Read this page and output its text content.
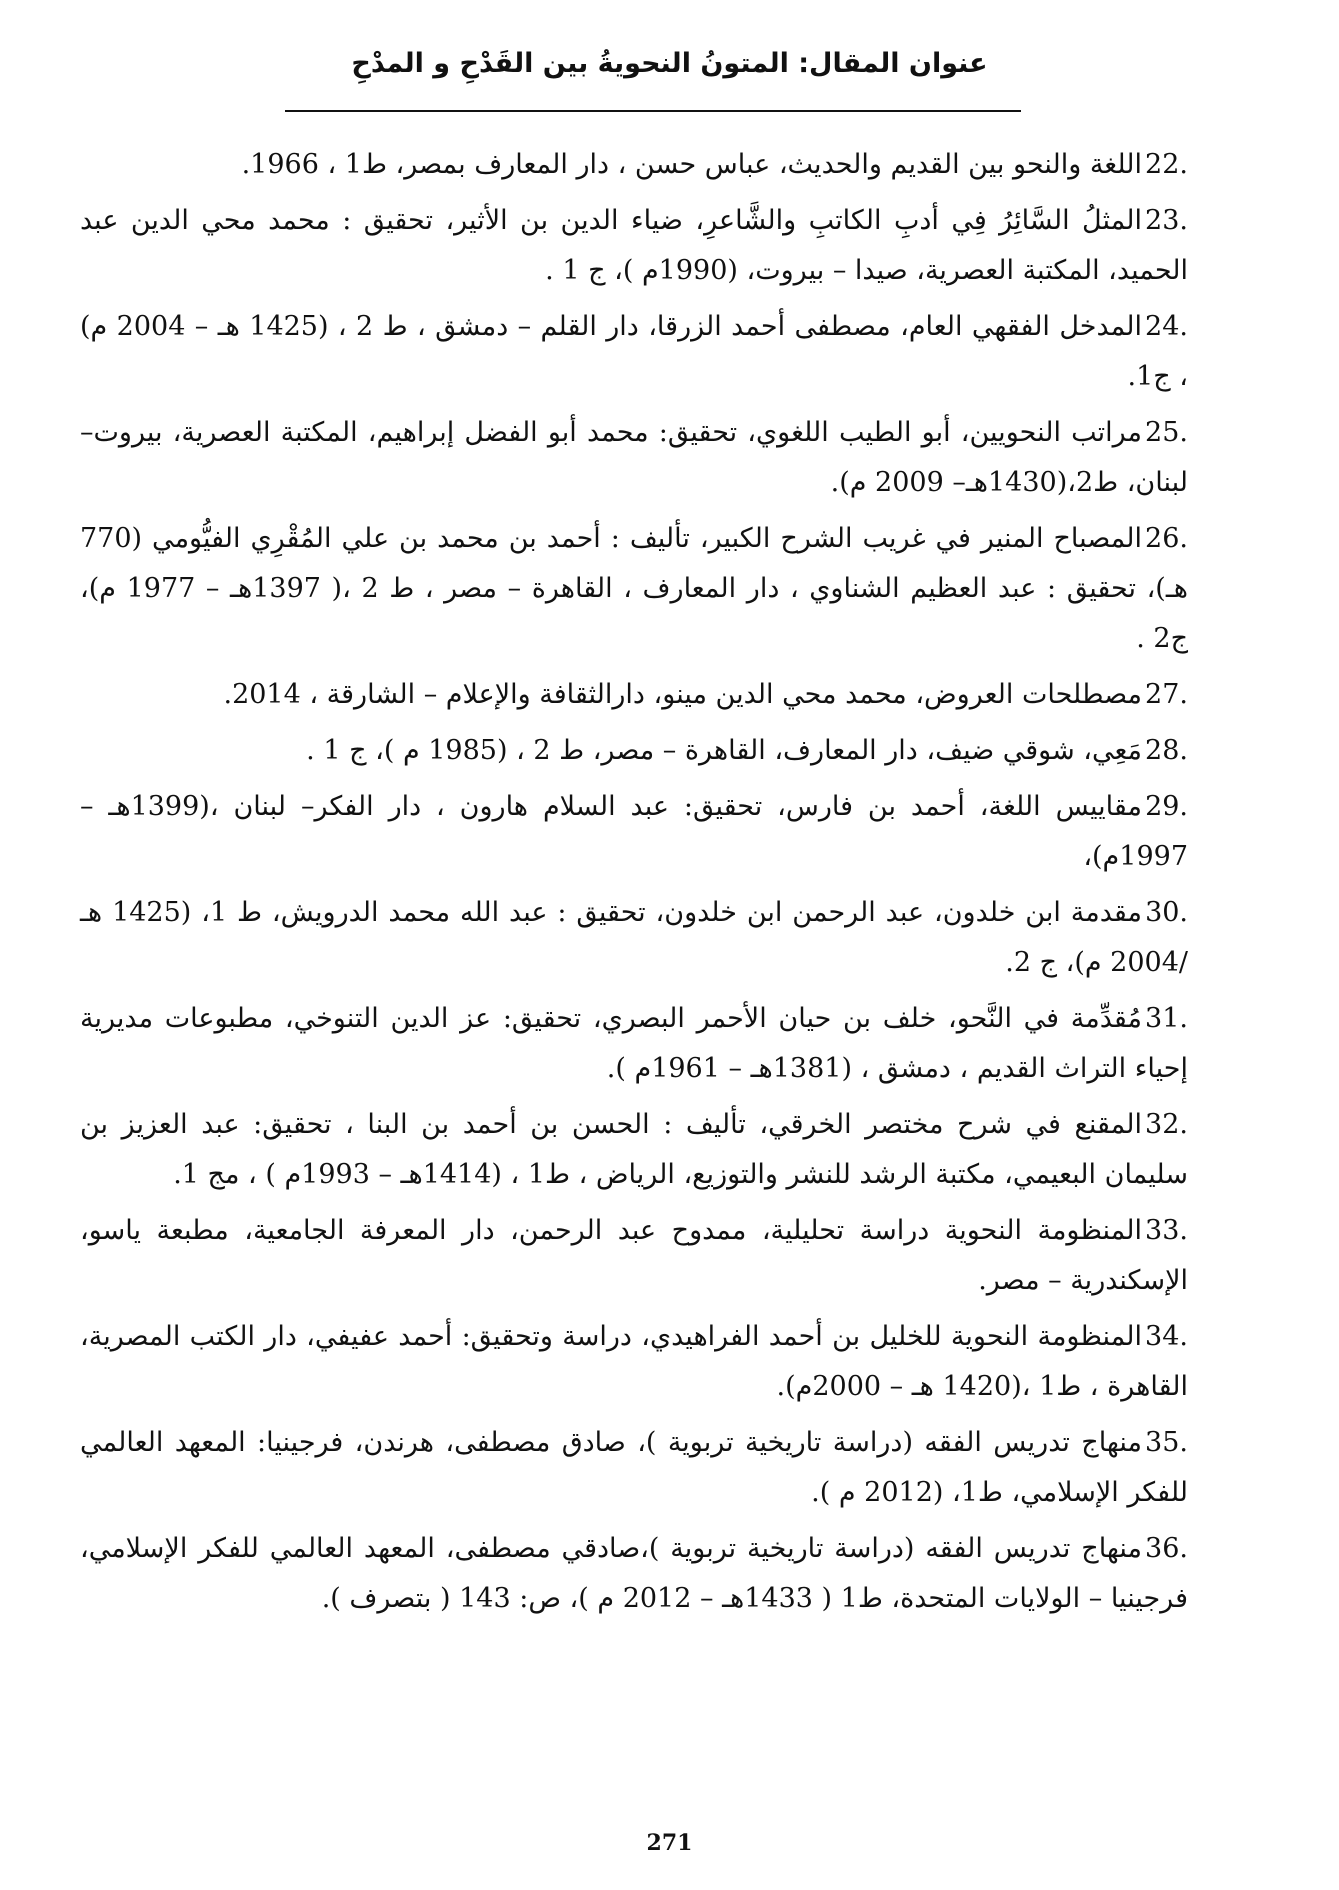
عنوان المقال: المتونُ النحويةُ بين القَدْحِ و المدْحِ
22.اللغة والنحو بين القديم والحديث، عباس حسن ، دار المعارف بمصر، ط1 ، 1966.
23.المثلُ السَّائِرُ فِي أدبِ الكاتبِ والشَّاعرِ، ضياء الدين بن الأثير، تحقيق : محمد محي الدين عبد الحميد، المكتبة العصرية، صيدا – بيروت، (1990م )، ج 1 .
24.المدخل الفقهي العام، مصطفى أحمد الزرقا، دار القلم – دمشق ، ط 2 ، (1425 هـ – 2004 م) ، ج1.
25.مراتب النحويين، أبو الطيب اللغوي، تحقيق: محمد أبو الفضل إبراهيم، المكتبة العصرية، بيروت– لبنان، ط2،(1430هـ– 2009 م).
26.المصباح المنير في غريب الشرح الكبير، تأليف : أحمد بن محمد بن علي المُقْرِي الفيُّومي (770 هـ)، تحقيق : عبد العظيم الشناوي ، دار المعارف ، القاهرة – مصر ، ط 2 ،( 1397هـ – 1977 م)، ج2 .
27.مصطلحات العروض، محمد محي الدين مينو، دارالثقافة والإعلام – الشارقة ، 2014.
28.مَعِي، شوقي ضيف، دار المعارف، القاهرة – مصر، ط 2 ، (1985 م )، ج 1 .
29.مقاييس اللغة، أحمد بن فارس، تحقيق: عبد السلام هارون ، دار الفكر– لبنان ،(1399هـ – 1997م)،
30.مقدمة ابن خلدون، عبد الرحمن ابن خلدون، تحقيق : عبد الله محمد الدرويش، ط 1، (1425 هـ /2004 م)، ج 2.
31.مُقدِّمة في النَّحو، خلف بن حيان الأحمر البصري، تحقيق: عز الدين التنوخي، مطبوعات مديرية إحياء التراث القديم ، دمشق ، (1381هـ – 1961م ).
32.المقنع في شرح مختصر الخرقي، تأليف : الحسن بن أحمد بن البنا ، تحقيق: عبد العزيز بن سليمان البعيمي، مكتبة الرشد للنشر والتوزيع، الرياض ، ط1 ، (1414هـ – 1993م ) ، مج 1.
33.المنظومة النحوية دراسة تحليلية، ممدوح عبد الرحمن، دار المعرفة الجامعية، مطبعة ياسو، الإسكندرية – مصر.
34.المنظومة النحوية للخليل بن أحمد الفراهيدي، دراسة وتحقيق: أحمد عفيفي، دار الكتب المصرية، القاهرة ، ط1 ،(1420 هـ – 2000م).
35.منهاج تدريس الفقه (دراسة تاريخية تربوية )، صادق مصطفى، هرندن، فرجينيا: المعهد العالمي للفكر الإسلامي، ط1، (2012 م ).
36.منهاج تدريس الفقه (دراسة تاريخية تربوية )،صادقي مصطفى، المعهد العالمي للفكر الإسلامي، فرجينيا – الولايات المتحدة، ط1 ( 1433هـ – 2012 م )، ص: 143 ( بتصرف ).
271
